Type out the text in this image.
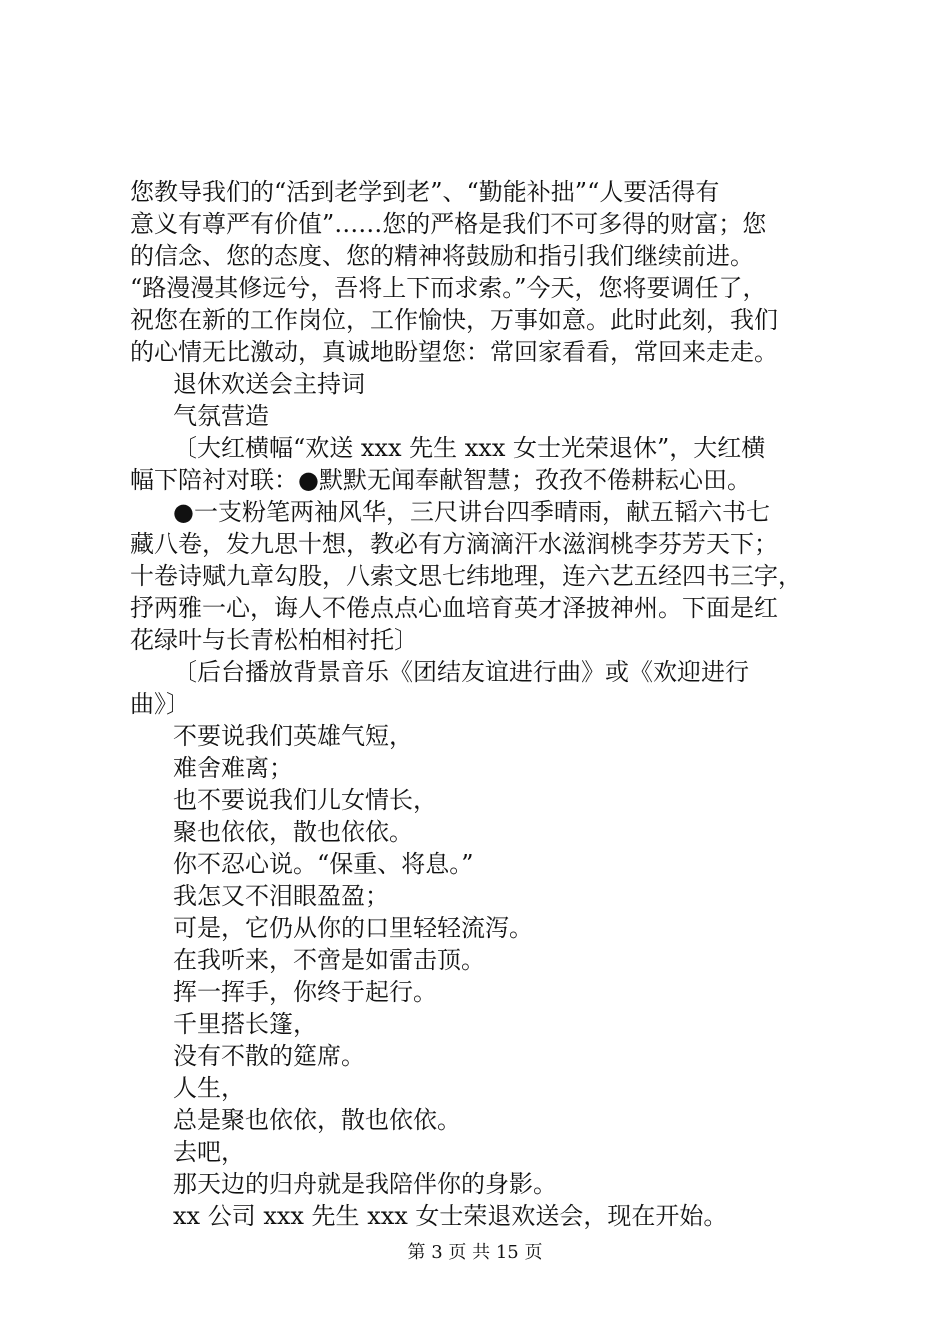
您教导我们的“活到老学到老”、“勤能补拙”“人要活得有
意义有尊严有价值”……您的严格是我们不可多得的财富；您
的信念、您的态度、您的精神将鼓励和指引我们继续前进。
“路漫漫其修远兮，吾将上下而求索。”今天，您将要调任了，
祝您在新的工作岗位，工作愉快，万事如意。此时此刻，我们
的心情无比激动，真诚地盼望您：常回家看看，常回来走走。
退休欢送会主持词
气氛营造
〔大红横幅“欢送 xxx 先生 xxx 女士光荣退休”，大红横
幅下陪衬对联：●默默无闻奉献智慧；孜孜不倦耕耘心田。
●一支粉笔两袖风华，三尺讲台四季晴雨，献五韬六书七
藏八卷，发九思十想，教必有方滴滴汗水滋润桃李芬芳天下；
十卷诗赋九章勾股，八索文思七纬地理，连六艺五经四书三字，
抒两雅一心，诲人不倦点点心血培育英才泽披神州。下面是红
花绿叶与长青松柏相衬托〕
〔后台播放背景音乐《团结友谊进行曲》或《欢迎进行
曲》〕
不要说我们英雄气短，
难舍难离；
也不要说我们儿女情长，
聚也依依，散也依依。
你不忍心说。“保重、将息。”
我怎又不泪眼盈盈；
可是，它仍从你的口里轻轻流泻。
在我听来，不啻是如雷击顶。
挥一挥手，你终于起行。
千里搭长篷，
没有不散的筵席。
人生，
总是聚也依依，散也依依。
去吧，
那天边的归舟就是我陪伴你的身影。
xx 公司 xxx 先生 xxx 女士荣退欢送会，现在开始。
第 3 页 共 15 页
